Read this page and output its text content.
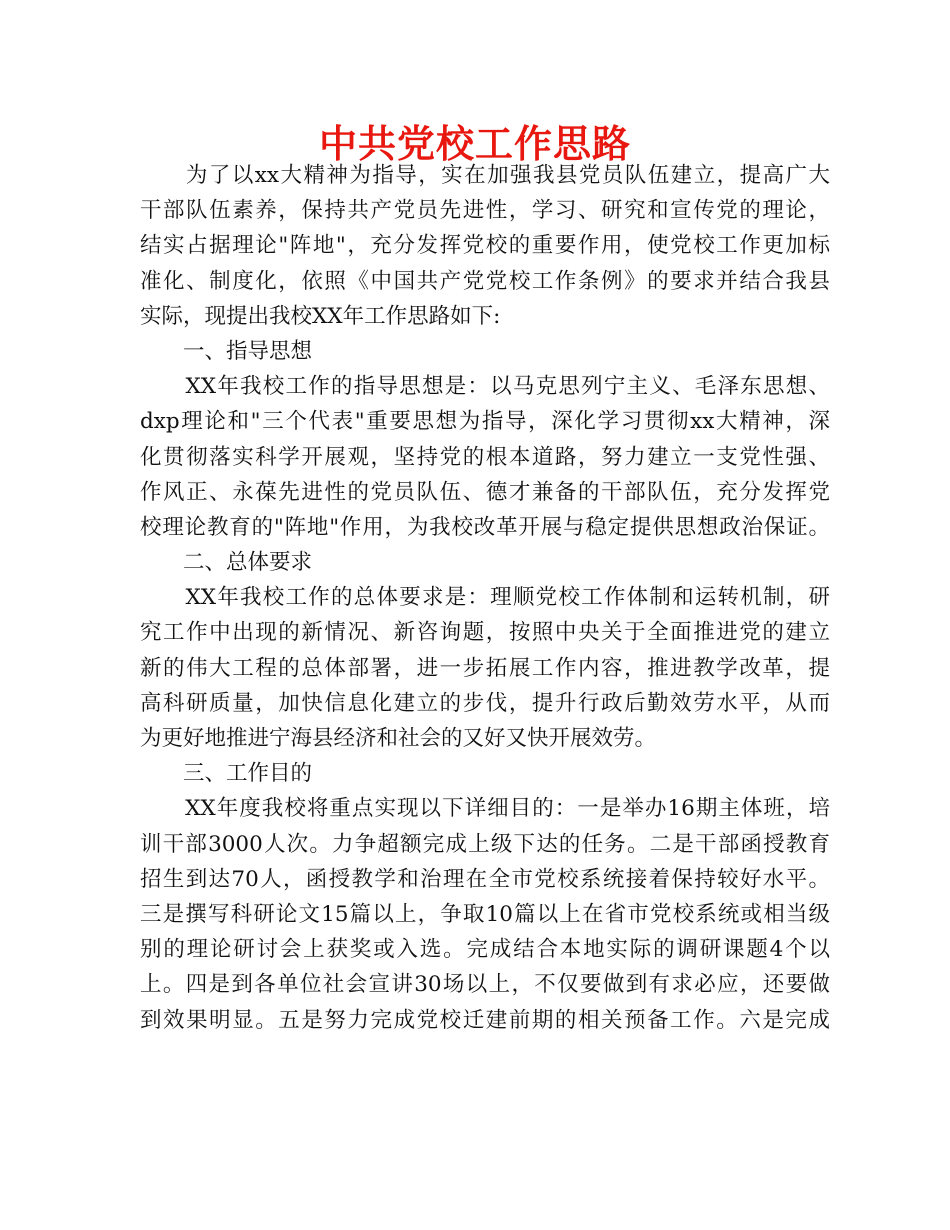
中共党校工作思路
　　为了以xx大精神为指导，实在加强我县党员队伍建立，提高广大
干部队伍素养，保持共产党员先进性，学习、研究和宣传党的理论，
结实占据理论"阵地"，充分发挥党校的重要作用，使党校工作更加标
准化、制度化，依照《中国共产党党校工作条例》的要求并结合我县
实际，现提出我校XX年工作思路如下:
　　一、指导思想
　　XX年我校工作的指导思想是：以马克思列宁主义、毛泽东思想、
dxp理论和"三个代表"重要思想为指导，深化学习贯彻xx大精神，深
化贯彻落实科学开展观，坚持党的根本道路，努力建立一支党性强、
作风正、永葆先进性的党员队伍、德才兼备的干部队伍，充分发挥党
校理论教育的"阵地"作用，为我校改革开展与稳定提供思想政治保证。
　　二、总体要求
　　XX年我校工作的总体要求是：理顺党校工作体制和运转机制，研
究工作中出现的新情况、新咨询题，按照中央关于全面推进党的建立
新的伟大工程的总体部署，进一步拓展工作内容，推进教学改革，提
高科研质量，加快信息化建立的步伐，提升行政后勤效劳水平，从而
为更好地推进宁海县经济和社会的又好又快开展效劳。
　　三、工作目的
　　XX年度我校将重点实现以下详细目的：一是举办16期主体班，培
训干部3000人次。力争超额完成上级下达的任务。二是干部函授教育
招生到达70人，函授教学和治理在全市党校系统接着保持较好水平。
三是撰写科研论文15篇以上，争取10篇以上在省市党校系统或相当级
别的理论研讨会上获奖或入选。完成结合本地实际的调研课题4个以
上。四是到各单位社会宣讲30场以上，不仅要做到有求必应，还要做
到效果明显。五是努力完成党校迁建前期的相关预备工作。六是完成
